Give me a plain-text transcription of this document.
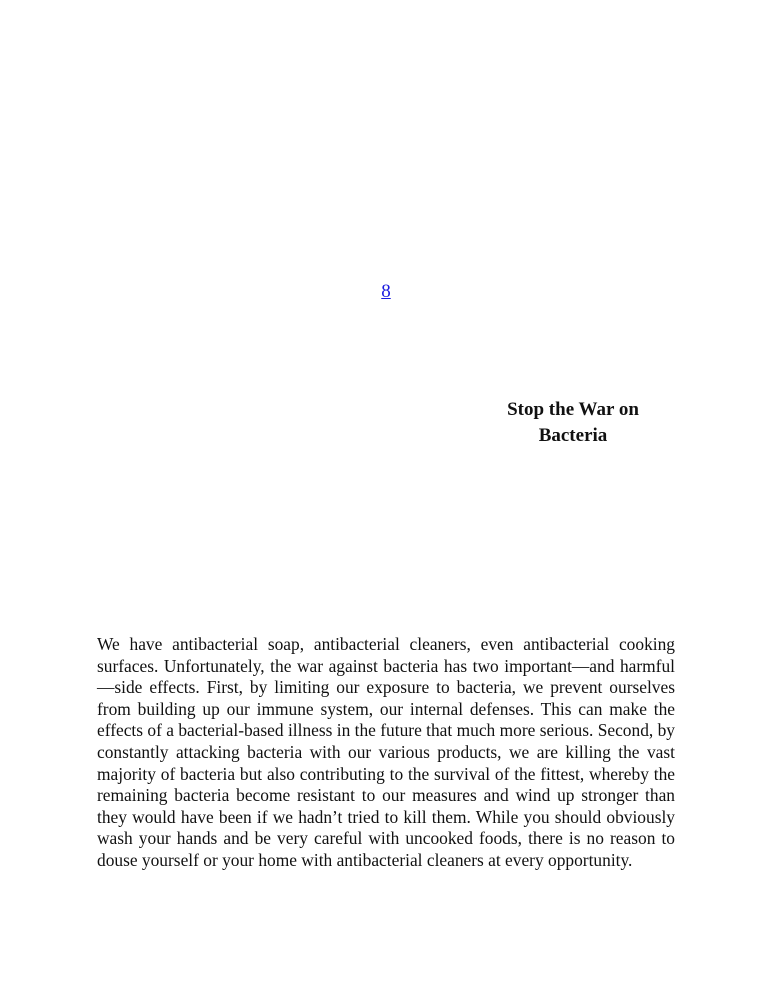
8
Stop the War on Bacteria

We have antibacterial soap, antibacterial cleaners, even antibacterial cooking surfaces. Unfortunately, the war against bacteria has two important—and harmful—side effects. First, by limiting our exposure to bacteria, we prevent ourselves from building up our immune system, our internal defenses. This can make the effects of a bacterial-based illness in the future that much more serious. Second, by constantly attacking bacteria with our various products, we are killing the vast majority of bacteria but also contributing to the survival of the fittest, whereby the remaining bacteria become resistant to our measures and wind up stronger than they would have been if we hadn’t tried to kill them. While you should obviously wash your hands and be very careful with uncooked foods, there is no reason to douse yourself or your home with antibacterial cleaners at every opportunity.
